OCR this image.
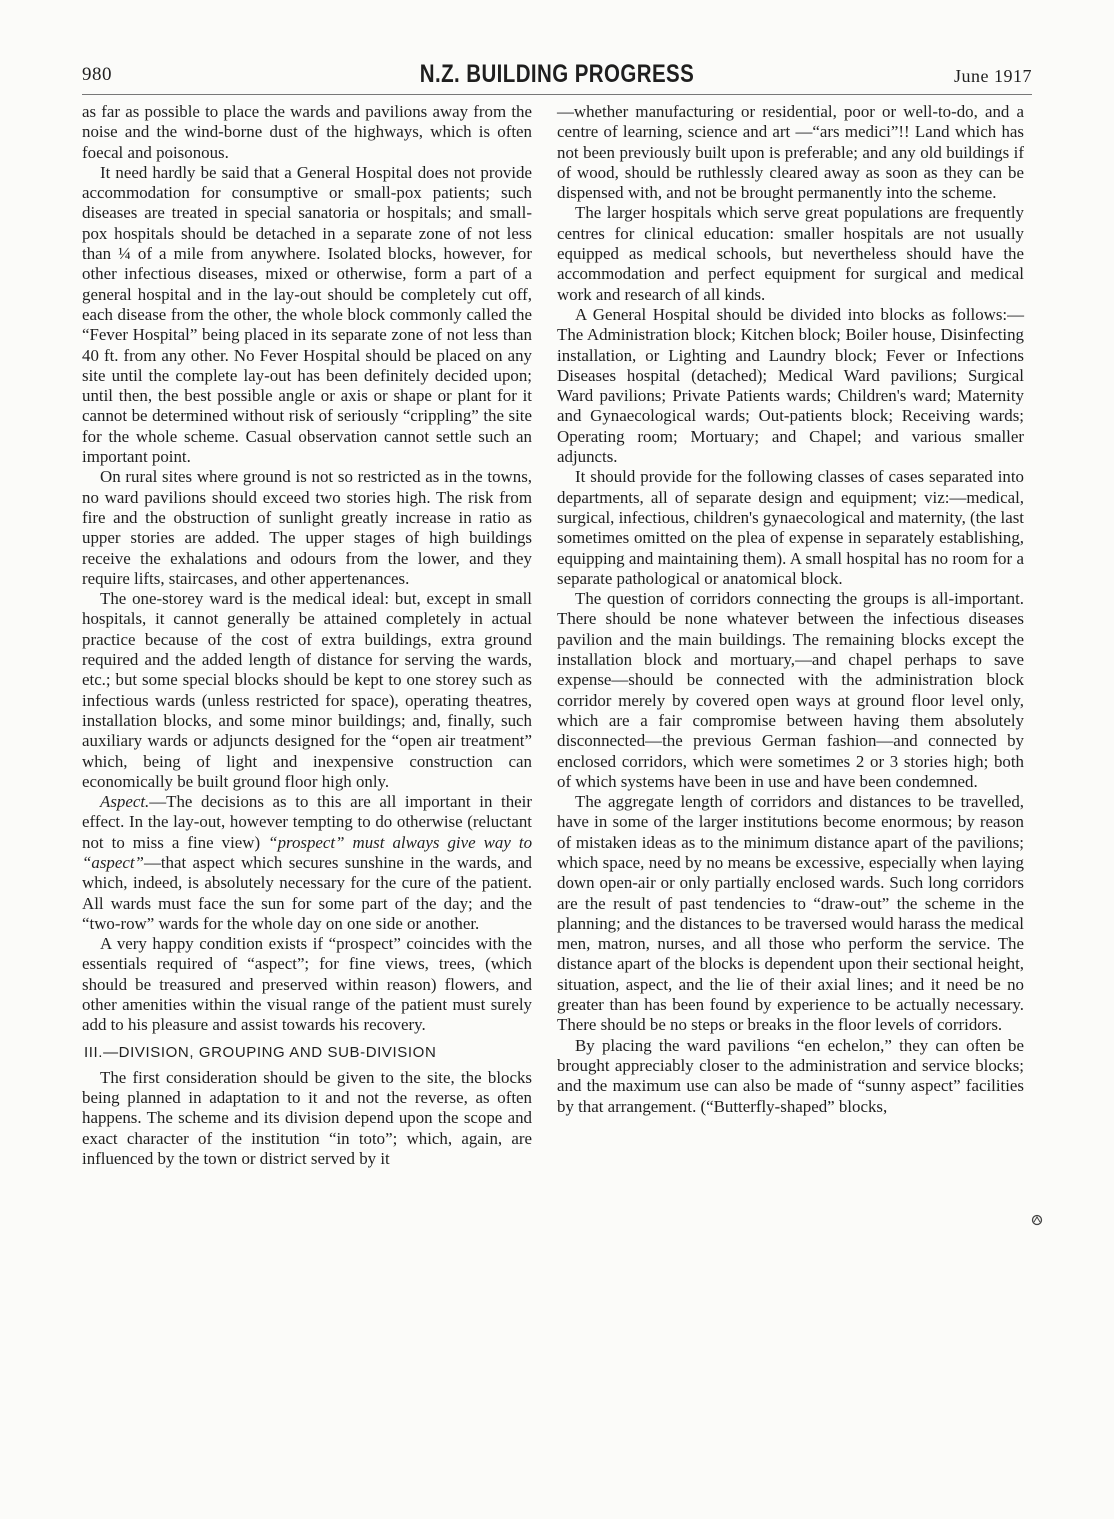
980	N.Z. BUILDING PROGRESS	June 1917

as far as possible to place the wards and pavilions away from the noise and the wind-borne dust of the highways, which is often foecal and poisonous.

It need hardly be said that a General Hospital does not provide accommodation for consumptive or small-pox patients; such diseases are treated in special sanatoria or hospitals; and small-pox hospitals should be detached in a separate zone of not less than ¼ of a mile from anywhere. Isolated blocks, however, for other infectious diseases, mixed or otherwise, form a part of a general hospital and in the lay-out should be completely cut off, each disease from the other, the whole block commonly called the “Fever Hospital” being placed in its separate zone of not less than 40 ft. from any other. No Fever Hospital should be placed on any site until the complete lay-out has been definitely decided upon; until then, the best possible angle or axis or shape or plant for it cannot be determined without risk of seriously “crippling” the site for the whole scheme. Casual observation cannot settle such an important point.

On rural sites where ground is not so restricted as in the towns, no ward pavilions should exceed two stories high. The risk from fire and the obstruction of sunlight greatly increase in ratio as upper stories are added. The upper stages of high buildings receive the exhalations and odours from the lower, and they require lifts, staircases, and other appertenances.

The one-storey ward is the medical ideal: but, except in small hospitals, it cannot generally be attained completely in actual practice because of the cost of extra buildings, extra ground required and the added length of distance for serving the wards, etc.; but some special blocks should be kept to one storey such as infectious wards (unless restricted for space), operating theatres, installation blocks, and some minor buildings; and, finally, such auxiliary wards or adjuncts designed for the “open air treatment” which, being of light and inexpensive construction can economically be built ground floor high only.

Aspect.—The decisions as to this are all important in their effect. In the lay-out, however tempting to do otherwise (reluctant not to miss a fine view) “prospect” must always give way to “aspect”—that aspect which secures sunshine in the wards, and which, indeed, is absolutely necessary for the cure of the patient. All wards must face the sun for some part of the day; and the “two-row” wards for the whole day on one side or another.

A very happy condition exists if “prospect” coincides with the essentials required of “aspect”; for fine views, trees, (which should be treasured and preserved within reason) flowers, and other amenities within the visual range of the patient must surely add to his pleasure and assist towards his recovery.

III.—DIVISION, GROUPING AND SUB-DIVISION

The first consideration should be given to the site, the blocks being planned in adaptation to it and not the reverse, as often happens. The scheme and its division depend upon the scope and exact character of the institution “in toto”; which, again, are influenced by the town or district served by it

—whether manufacturing or residential, poor or well-to-do, and a centre of learning, science and art —“ars medici”!! Land which has not been previously built upon is preferable; and any old buildings if of wood, should be ruthlessly cleared away as soon as they can be dispensed with, and not be brought permanently into the scheme.

The larger hospitals which serve great populations are frequently centres for clinical education: smaller hospitals are not usually equipped as medical schools, but nevertheless should have the accommodation and perfect equipment for surgical and medical work and research of all kinds.

A General Hospital should be divided into blocks as follows:—The Administration block; Kitchen block; Boiler house, Disinfecting installation, or Lighting and Laundry block; Fever or Infections Diseases hospital (detached); Medical Ward pavilions; Surgical Ward pavilions; Private Patients wards; Children's ward; Maternity and Gynaecological wards; Out-patients block; Receiving wards; Operating room; Mortuary; and Chapel; and various smaller adjuncts.

It should provide for the following classes of cases separated into departments, all of separate design and equipment; viz:—medical, surgical, infectious, children's gynaecological and maternity, (the last sometimes omitted on the plea of expense in separately establishing, equipping and maintaining them). A small hospital has no room for a separate pathological or anatomical block.

The question of corridors connecting the groups is all-important. There should be none whatever between the infectious diseases pavilion and the main buildings. The remaining blocks except the installation block and mortuary,—and chapel perhaps to save expense—should be connected with the administration block corridor merely by covered open ways at ground floor level only, which are a fair compromise between having them absolutely disconnected—the previous German fashion—and connected by enclosed corridors, which were sometimes 2 or 3 stories high; both of which systems have been in use and have been condemned.

The aggregate length of corridors and distances to be travelled, have in some of the larger institutions become enormous; by reason of mistaken ideas as to the minimum distance apart of the pavilions; which space, need by no means be excessive, especially when laying down open-air or only partially enclosed wards. Such long corridors are the result of past tendencies to “draw-out” the scheme in the planning; and the distances to be traversed would harass the medical men, matron, nurses, and all those who perform the service. The distance apart of the blocks is dependent upon their sectional height, situation, aspect, and the lie of their axial lines; and it need be no greater than has been found by experience to be actually necessary. There should be no steps or breaks in the floor levels of corridors.

By placing the ward pavilions “en echelon,” they can often be brought appreciably closer to the administration and service blocks; and the maximum use can also be made of “sunny aspect” facilities by that arrangement. (“Butterfly-shaped” blocks,
